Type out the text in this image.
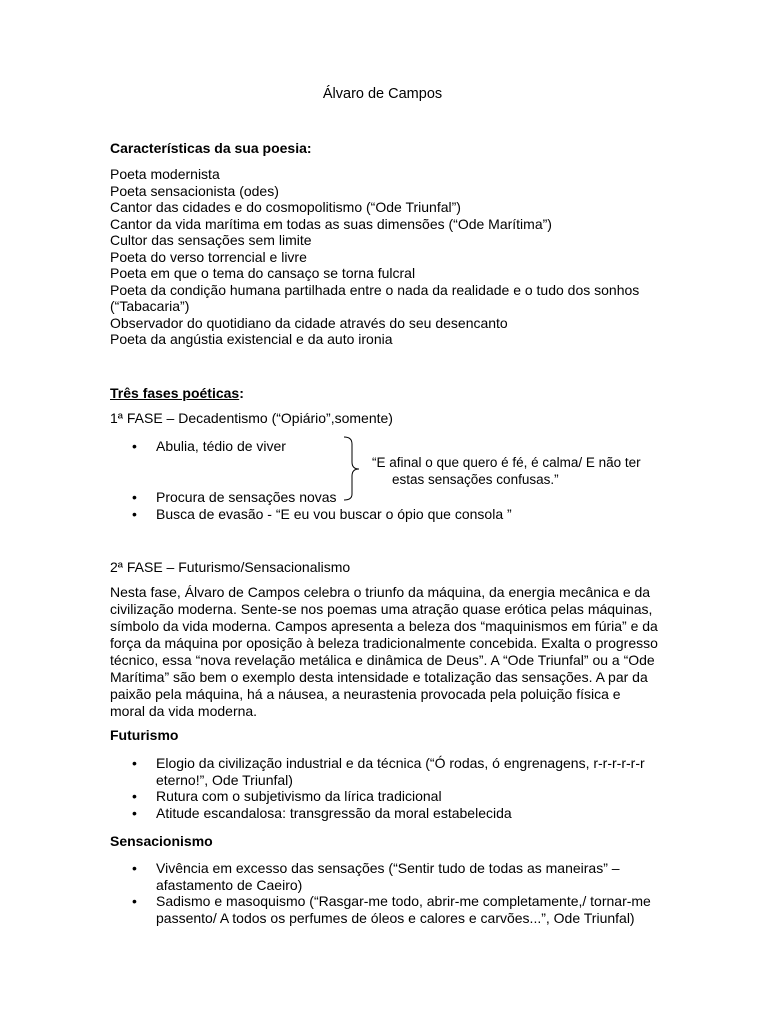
Álvaro de Campos
Características da sua poesia:
Poeta modernista
Poeta sensacionista (odes)
Cantor das cidades e do cosmopolitismo (“Ode Triunfal”)
Cantor da vida marítima em todas as suas dimensões (“Ode Marítima”)
Cultor das sensações sem limite
Poeta do verso torrencial e livre
Poeta em que o tema do cansaço se torna fulcral
Poeta da condição humana partilhada entre o nada da realidade e o tudo dos sonhos
(“Tabacaria”)
Observador do quotidiano da cidade através do seu desencanto
Poeta da angústia existencial e da auto ironia
Três fases poéticas:
1ª FASE – Decadentismo (“Opiário”,somente)
• Abulia, tédio de viver
• Procura de sensações novas
• Busca de evasão - “E eu vou buscar o ópio que consola ”
“E afinal o que quero é fé, é calma/ E não ter
estas sensações confusas.”
2ª FASE – Futurismo/Sensacionalismo
Nesta fase, Álvaro de Campos celebra o triunfo da máquina, da energia mecânica e da civilização moderna. Sente-se nos poemas uma atração quase erótica pelas máquinas, símbolo da vida moderna. Campos apresenta a beleza dos “maquinismos em fúria” e da força da máquina por oposição à beleza tradicionalmente concebida. Exalta o progresso técnico, essa “nova revelação metálica e dinâmica de Deus”. A “Ode Triunfal” ou a “Ode Marítima” são bem o exemplo desta intensidade e totalização das sensações. A par da paixão pela máquina, há a náusea, a neurastenia provocada pela poluição física e moral da vida moderna.
Futurismo
• Elogio da civilização industrial e da técnica (“Ó rodas, ó engrenagens, r-r-r-r-r-r
eterno!”, Ode Triunfal)
• Rutura com o subjetivismo da lírica tradicional
• Atitude escandalosa: transgressão da moral estabelecida
Sensacionismo
• Vivência em excesso das sensações (“Sentir tudo de todas as maneiras” –
afastamento de Caeiro)
• Sadismo e masoquismo (“Rasgar-me todo, abrir-me completamente,/ tornar-me
passento/ A todos os perfumes de óleos e calores e carvões...”, Ode Triunfal)
